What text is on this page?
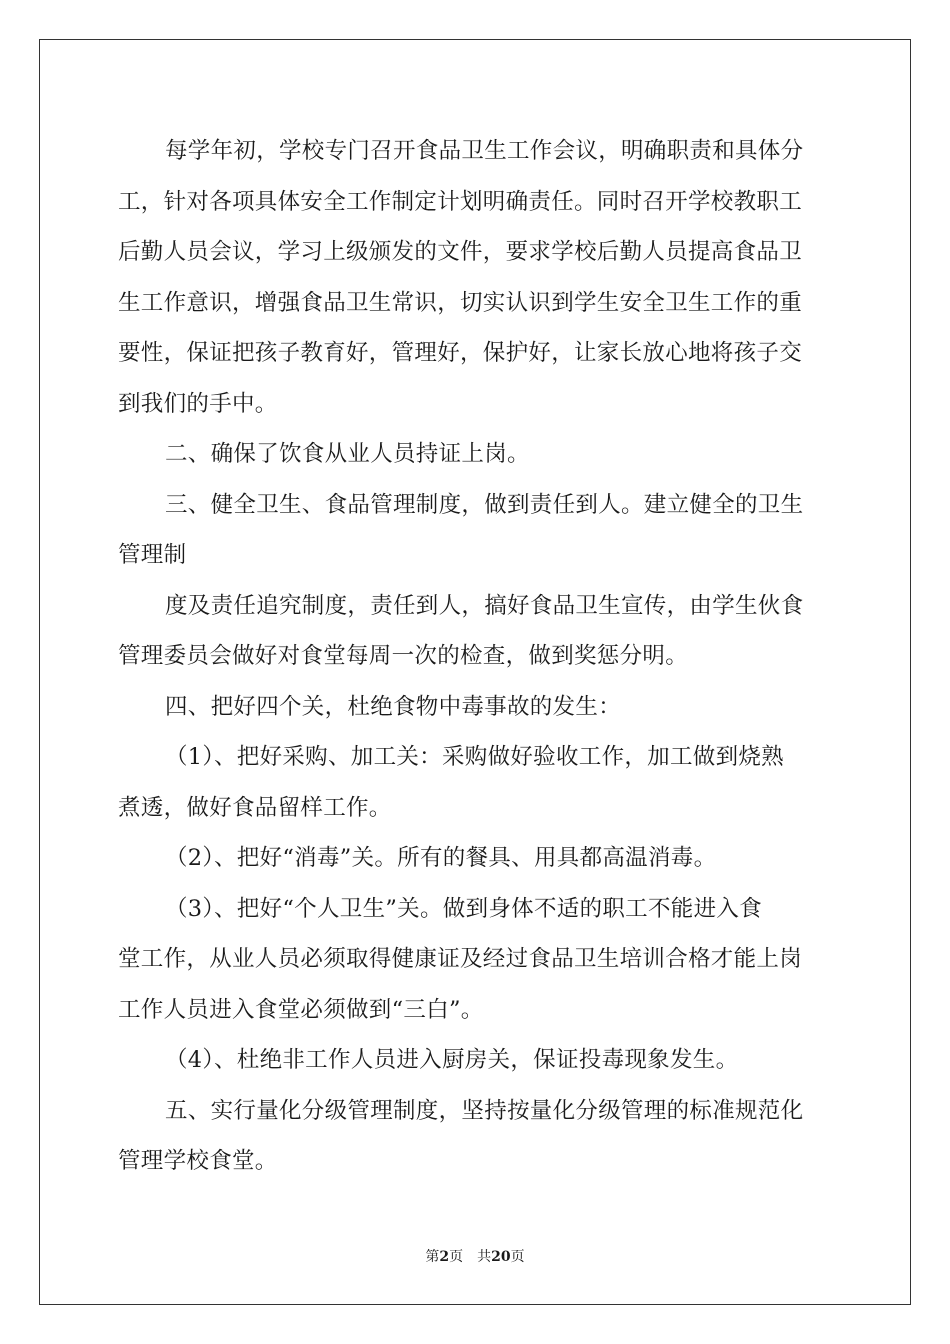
每学年初，学校专门召开食品卫生工作会议，明确职责和具体分
工，针对各项具体安全工作制定计划明确责任。同时召开学校教职工
后勤人员会议，学习上级颁发的文件，要求学校后勤人员提高食品卫
生工作意识，增强食品卫生常识，切实认识到学生安全卫生工作的重
要性，保证把孩子教育好，管理好，保护好，让家长放心地将孩子交
到我们的手中。

二、确保了饮食从业人员持证上岗。

三、健全卫生、食品管理制度，做到责任到人。建立健全的卫生
管理制

度及责任追究制度，责任到人，搞好食品卫生宣传，由学生伙食
管理委员会做好对食堂每周一次的检查，做到奖惩分明。

四、把好四个关，杜绝食物中毒事故的发生：

（1）、把好采购、加工关：采购做好验收工作，加工做到烧熟
煮透，做好食品留样工作。

（2）、把好“消毒”关。所有的餐具、用具都高温消毒。

（3）、把好“个人卫生”关。做到身体不适的职工不能进入食
堂工作，从业人员必须取得健康证及经过食品卫生培训合格才能上岗
工作人员进入食堂必须做到“三白”。

（4）、杜绝非工作人员进入厨房关，保证投毒现象发生。

五、实行量化分级管理制度，坚持按量化分级管理的标准规范化
管理学校食堂。

第2页 共20页
